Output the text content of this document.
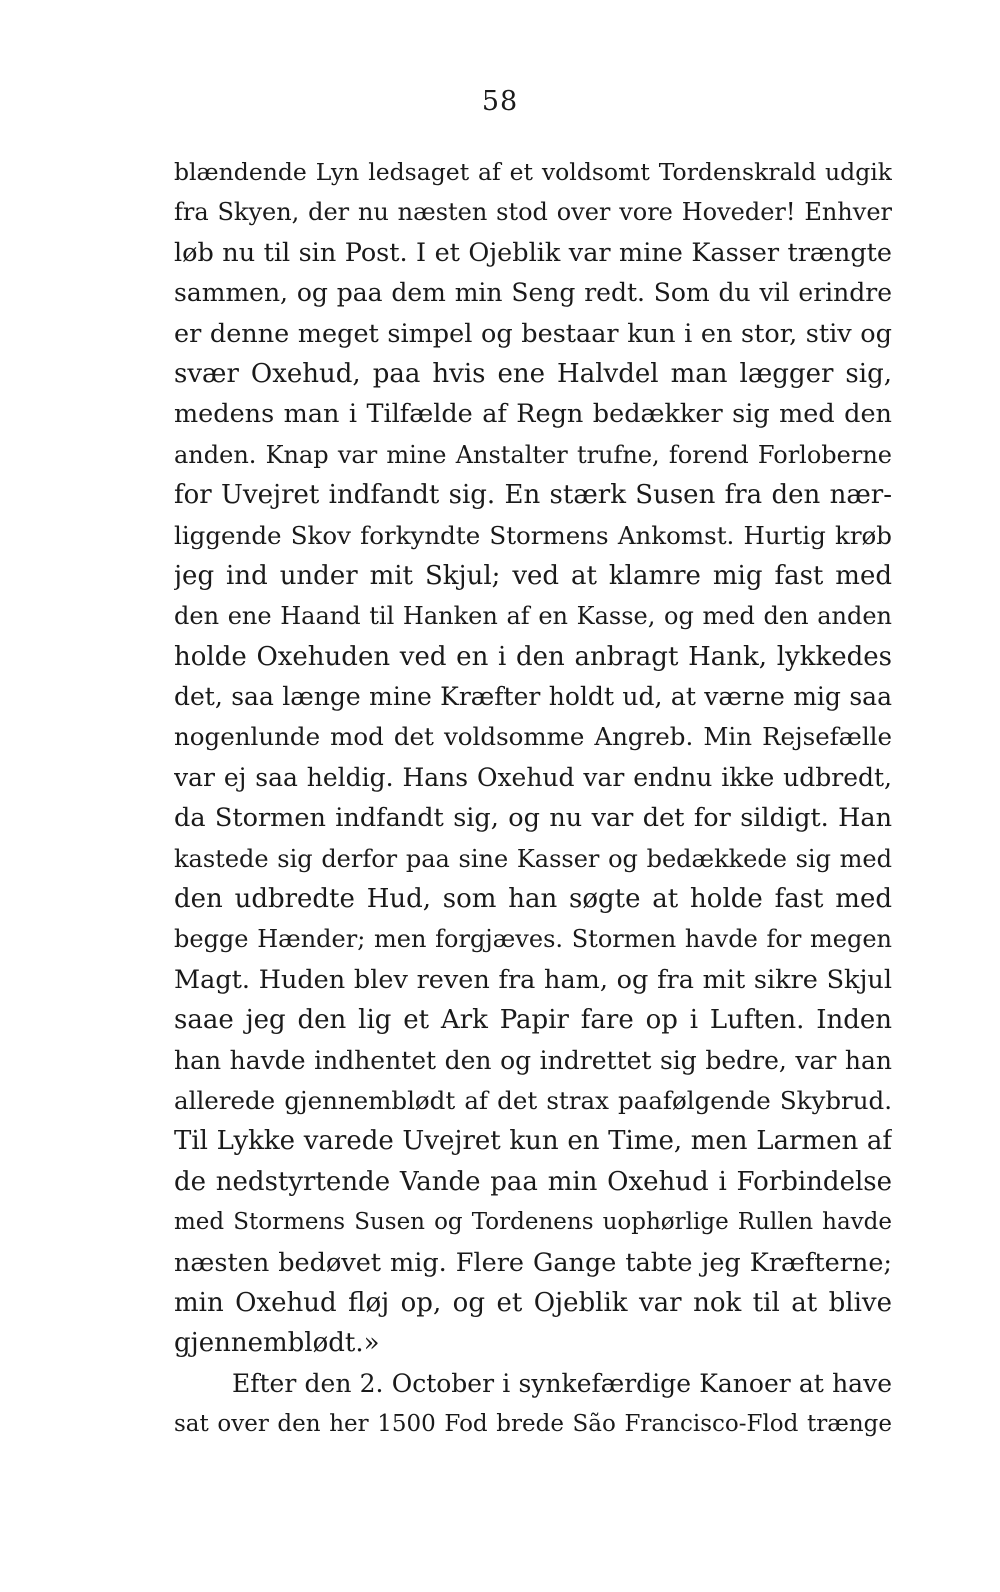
58
blændende Lyn ledsaget af et voldsomt Tordenskrald udgik
fra Skyen, der nu næsten stod over vore Hoveder! Enhver
løb nu til sin Post. I et Ojeblik var mine Kasser trængte
sammen, og paa dem min Seng redt. Som du vil erindre
er denne meget simpel og bestaar kun i en stor, stiv og
svær Oxehud, paa hvis ene Halvdel man lægger sig,
medens man i Tilfælde af Regn bedækker sig med den
anden. Knap var mine Anstalter trufne, forend Forloberne
for Uvejret indfandt sig. En stærk Susen fra den nær-
liggende Skov forkyndte Stormens Ankomst. Hurtig krøb
jeg ind under mit Skjul; ved at klamre mig fast med
den ene Haand til Hanken af en Kasse, og med den anden
holde Oxehuden ved en i den anbragt Hank, lykkedes
det, saa længe mine Kræfter holdt ud, at værne mig saa
nogenlunde mod det voldsomme Angreb. Min Rejsefælle
var ej saa heldig. Hans Oxehud var endnu ikke udbredt,
da Stormen indfandt sig, og nu var det for sildigt. Han
kastede sig derfor paa sine Kasser og bedækkede sig med
den udbredte Hud, som han søgte at holde fast med
begge Hænder; men forgjæves. Stormen havde for megen
Magt. Huden blev reven fra ham, og fra mit sikre Skjul
saae jeg den lig et Ark Papir fare op i Luften. Inden
han havde indhentet den og indrettet sig bedre, var han
allerede gjennemblødt af det strax paafølgende Skybrud.
Til Lykke varede Uvejret kun en Time, men Larmen af
de nedstyrtende Vande paa min Oxehud i Forbindelse
med Stormens Susen og Tordenens uophørlige Rullen havde
næsten bedøvet mig. Flere Gange tabte jeg Kræfterne;
min Oxehud fløj op, og et Ojeblik var nok til at blive
gjennemblødt.»
Efter den 2. October i synkefærdige Kanoer at have
sat over den her 1500 Fod brede São Francisco-Flod trænge
